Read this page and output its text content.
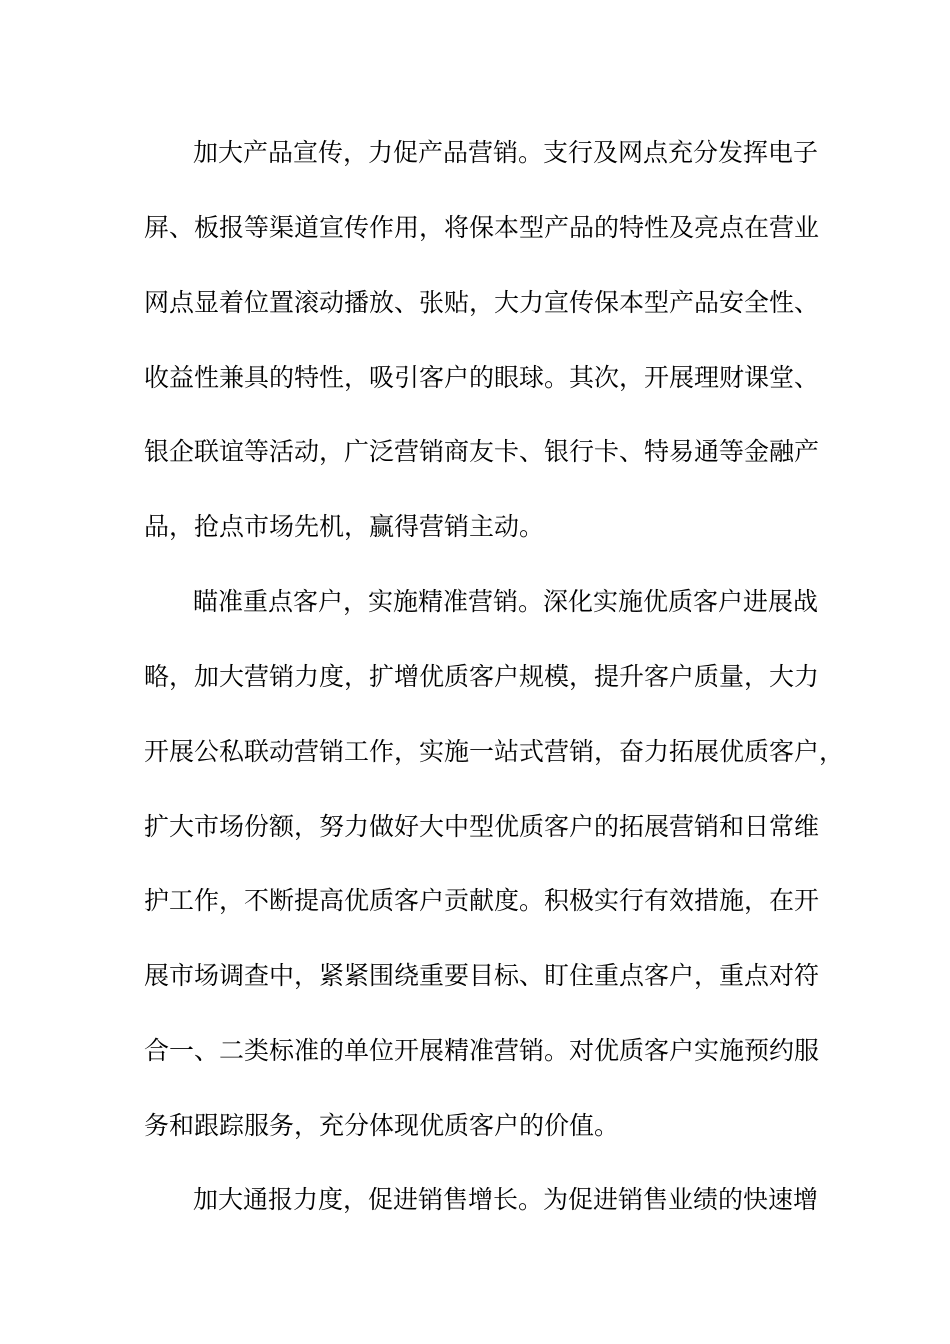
加大产品宣传，力促产品营销。支行及网点充分发挥电子
屏、板报等渠道宣传作用，将保本型产品的特性及亮点在营业
网点显着位置滚动播放、张贴，大力宣传保本型产品安全性、
收益性兼具的特性，吸引客户的眼球。其次，开展理财课堂、
银企联谊等活动，广泛营销商友卡、银行卡、特易通等金融产
品，抢点市场先机，赢得营销主动。
瞄准重点客户，实施精准营销。深化实施优质客户进展战
略，加大营销力度，扩增优质客户规模，提升客户质量，大力
开展公私联动营销工作，实施一站式营销，奋力拓展优质客户，
扩大市场份额，努力做好大中型优质客户的拓展营销和日常维
护工作，不断提高优质客户贡献度。积极实行有效措施，在开
展市场调查中，紧紧围绕重要目标、盯住重点客户，重点对符
合一、二类标准的单位开展精准营销。对优质客户实施预约服
务和跟踪服务，充分体现优质客户的价值。
加大通报力度，促进销售增长。为促进销售业绩的快速增
